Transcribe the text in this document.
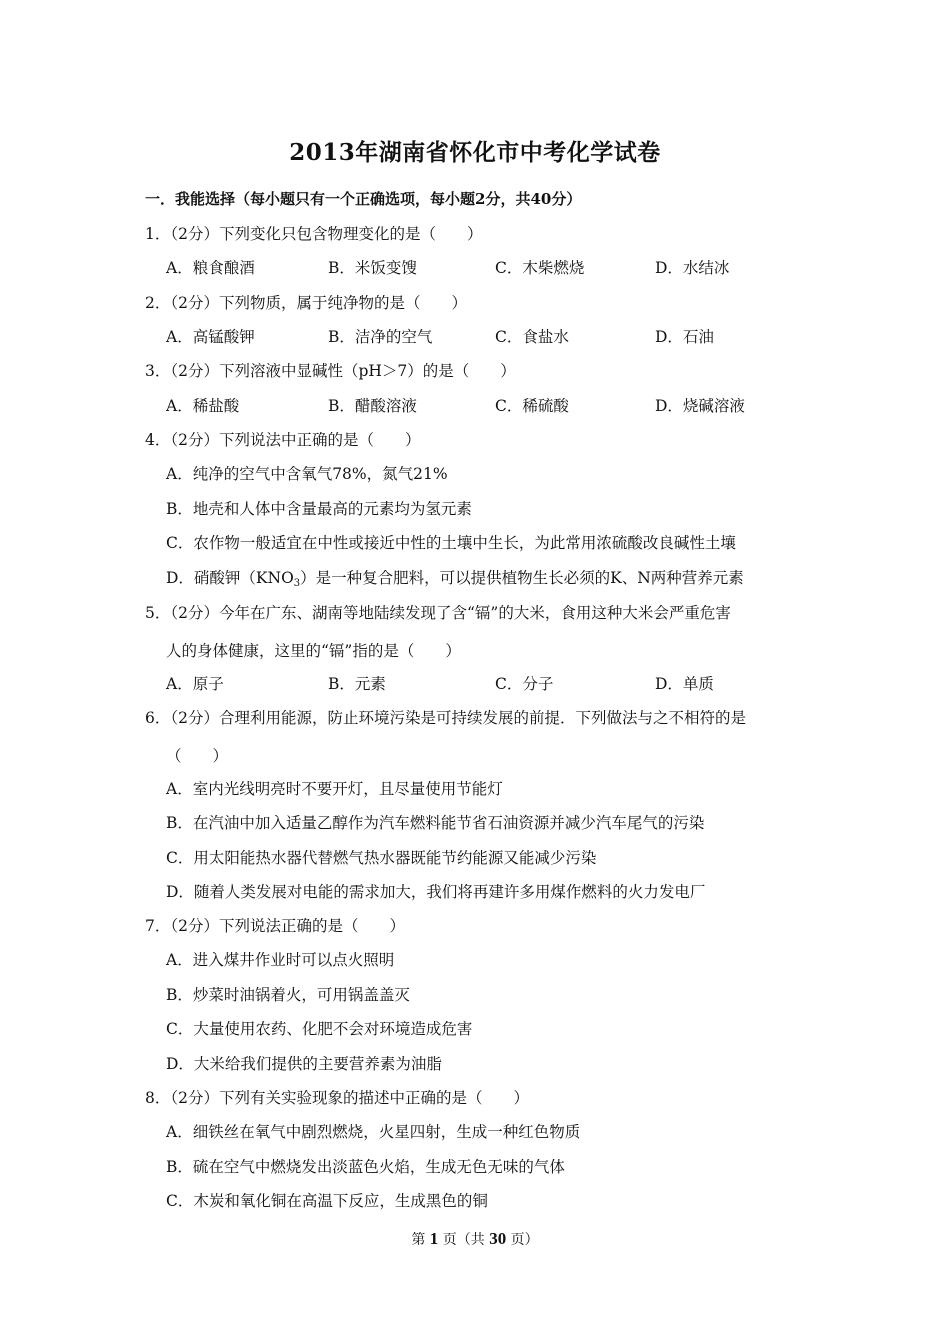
2013年湖南省怀化市中考化学试卷
一．我能选择（每小题只有一个正确选项，每小题2分，共40分）
1．（2分）下列变化只包含物理变化的是（　　）
A．粮食酿酒	B．米饭变馊	C．木柴燃烧	D．水结冰
2．（2分）下列物质，属于纯净物的是（　　）
A．高锰酸钾	B．洁净的空气	C．食盐水	D．石油
3．（2分）下列溶液中显碱性（pH＞7）的是（　　）
A．稀盐酸	B．醋酸溶液	C．稀硫酸	D．烧碱溶液
4．（2分）下列说法中正确的是（　　）
A．纯净的空气中含氧气78%，氮气21%
B．地壳和人体中含量最高的元素均为氢元素
C．农作物一般适宜在中性或接近中性的土壤中生长，为此常用浓硫酸改良碱性土壤
D．硝酸钾$(KNO_3)$是一种复合肥料，可以提供植物生长必须的K、N两种营养元素
5．（2分）今年在广东、湖南等地陆续发现了含“镉”的大米，食用这种大米会严重危害
人的身体健康，这里的“镉”指的是（　　）
A．原子	B．元素	C．分子	D．单质
6．（2分）合理利用能源，防止环境污染是可持续发展的前提．下列做法与之不相符的是
（　　）
A．室内光线明亮时不要开灯，且尽量使用节能灯
B．在汽油中加入适量乙醇作为汽车燃料能节省石油资源并减少汽车尾气的污染
C．用太阳能热水器代替燃气热水器既能节约能源又能减少污染
D．随着人类发展对电能的需求加大，我们将再建许多用煤作燃料的火力发电厂
7．（2分）下列说法正确的是（　　）
A．进入煤井作业时可以点火照明
B．炒菜时油锅着火，可用锅盖盖灭
C．大量使用农药、化肥不会对环境造成危害
D．大米给我们提供的主要营养素为油脂
8．（2分）下列有关实验现象的描述中正确的是（　　）
A．细铁丝在氧气中剧烈燃烧，火星四射，生成一种红色物质
B．硫在空气中燃烧发出淡蓝色火焰，生成无色无味的气体
C．木炭和氧化铜在高温下反应，生成黑色的铜
第 1 页（共 30 页）
